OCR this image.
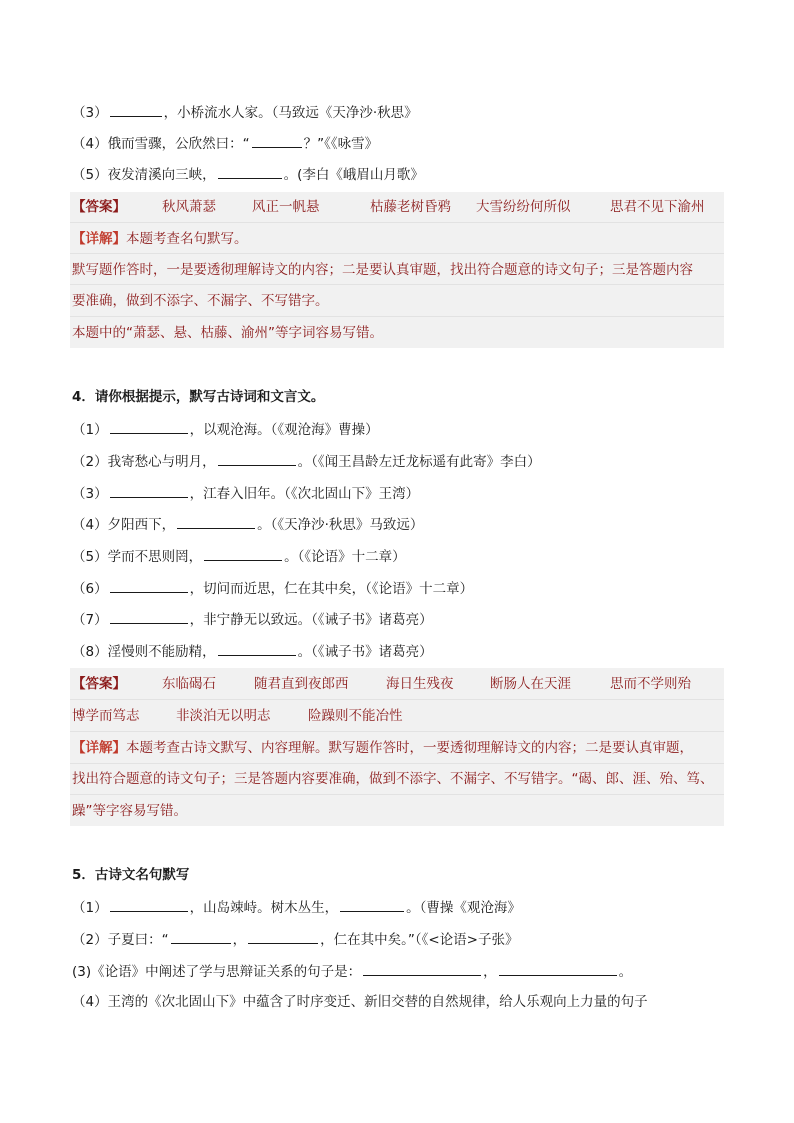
（3）	，小桥流水人家。（马致远《天净沙·秋思》
（4）俄而雪骤，公欣然曰：“	？”《《咏雪》
（5）夜发清溪向三峡，	。(李白《峨眉山月歌》
【答案】	秋风萧瑟	风正一帆悬	枯藤老树昏鸦 大雪纷纷何所似	思君不见下渝州
【详解】本题考查名句默写。
默写题作答时，一是要透彻理解诗文的内容；二是要认真审题，找出符合题意的诗文句子；三是答题内容
要准确，做到不添字、不漏字、不写错字。
本题中的“萧瑟、悬、枯藤、渝州”等字词容易写错。
4．请你根据提示，默写古诗词和文言文。
（1）	，以观沧海。（《观沧海》曹操）
（2）我寄愁心与明月，	。（《闻王昌龄左迁龙标遥有此寄》李白）
（3）	，江春入旧年。（《次北固山下》王湾）
（4）夕阳西下，	。（《天净沙·秋思》马致远）
（5）学而不思则罔，	。（《论语》十二章）
（6）	，切问而近思，仁在其中矣，（《论语》十二章）
（7）	，非宁静无以致远。（《诫子书》诸葛亮）
（8）淫慢则不能励精，	。（《诫子书》诸葛亮）
【答案】	东临碣石	随君直到夜郎西	海日生残夜	断肠人在天涯	思而不学则殆
博学而笃志	非淡泊无以明志	险躁则不能冶性
【详解】本题考查古诗文默写、内容理解。默写题作答时，一要透彻理解诗文的内容；二是要认真审题，
找出符合题意的诗文句子；三是答题内容要准确，做到不添字、不漏字、不写错字。“碣、郎、涯、殆、笃、
躁”等字容易写错。
5．古诗文名句默写
（1）	，山岛竦峙。树木丛生，	。（曹操《观沧海》
（2）子夏曰：“	，	，仁在其中矣。”（《<论语>子张》
(3)《论语》中阐述了学与思辩证关系的句子是：	，	。
（4）王湾的《次北固山下》中蕴含了时序变迁、新旧交替的自然规律，给人乐观向上力量的句子
